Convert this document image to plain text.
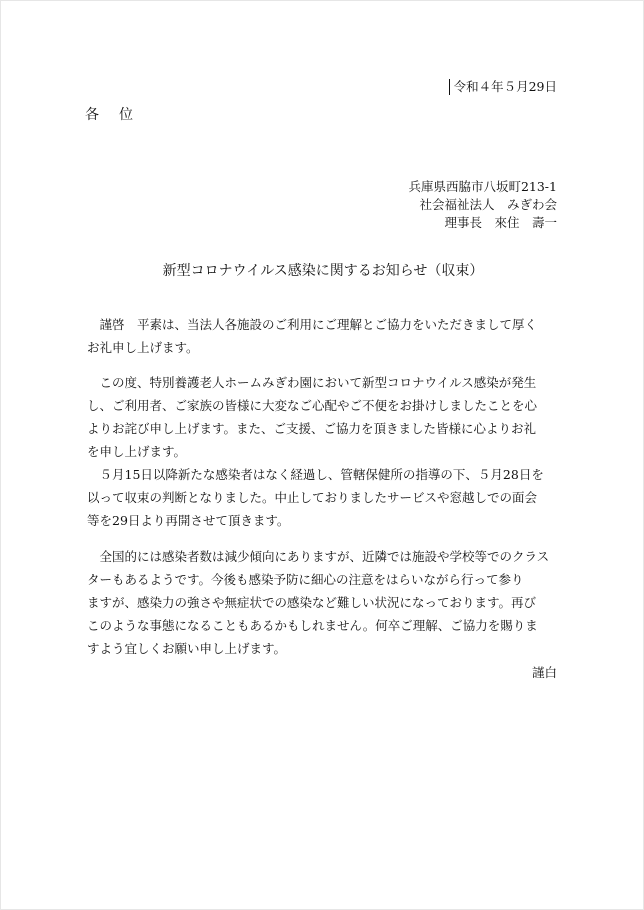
令和４年５月29日
各位
兵庫県西脇市八坂町213-1
社会福祉法人　みぎわ会
理事長　來住　壽一
新型コロナウイルス感染に関するお知らせ（収束）
謹啓　平素は、当法人各施設のご利用にご理解とご協力をいただきまして厚く
お礼申し上げます。
この度、特別養護老人ホームみぎわ園において新型コロナウイルス感染が発生
し、ご利用者、ご家族の皆様に大変なご心配やご不便をお掛けしましたことを心
よりお詫び申し上げます。また、ご支援、ご協力を頂きました皆様に心よりお礼
を申し上げます。
５月15日以降新たな感染者はなく経過し、管轄保健所の指導の下、５月28日を
以って収束の判断となりました。中止しておりましたサービスや窓越しでの面会
等を29日より再開させて頂きます。
全国的には感染者数は減少傾向にありますが、近隣では施設や学校等でのクラス
ターもあるようです。今後も感染予防に細心の注意をはらいながら行って参り
ますが、感染力の強さや無症状での感染など難しい状況になっております。再び
このような事態になることもあるかもしれません。何卒ご理解、ご協力を賜りま
すよう宜しくお願い申し上げます。
謹白
